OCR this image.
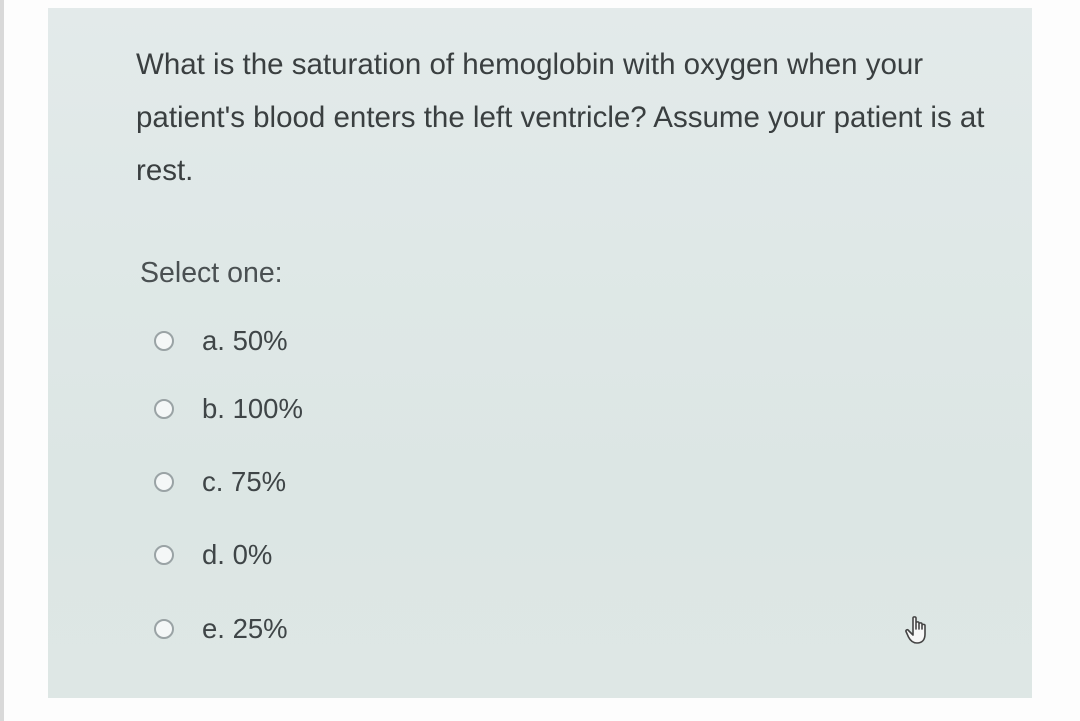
What is the saturation of hemoglobin with oxygen when your patient's blood enters the left ventricle? Assume your patient is at rest.

Select one:

a. 50%
b. 100%
c. 75%
d. 0%
e. 25%
